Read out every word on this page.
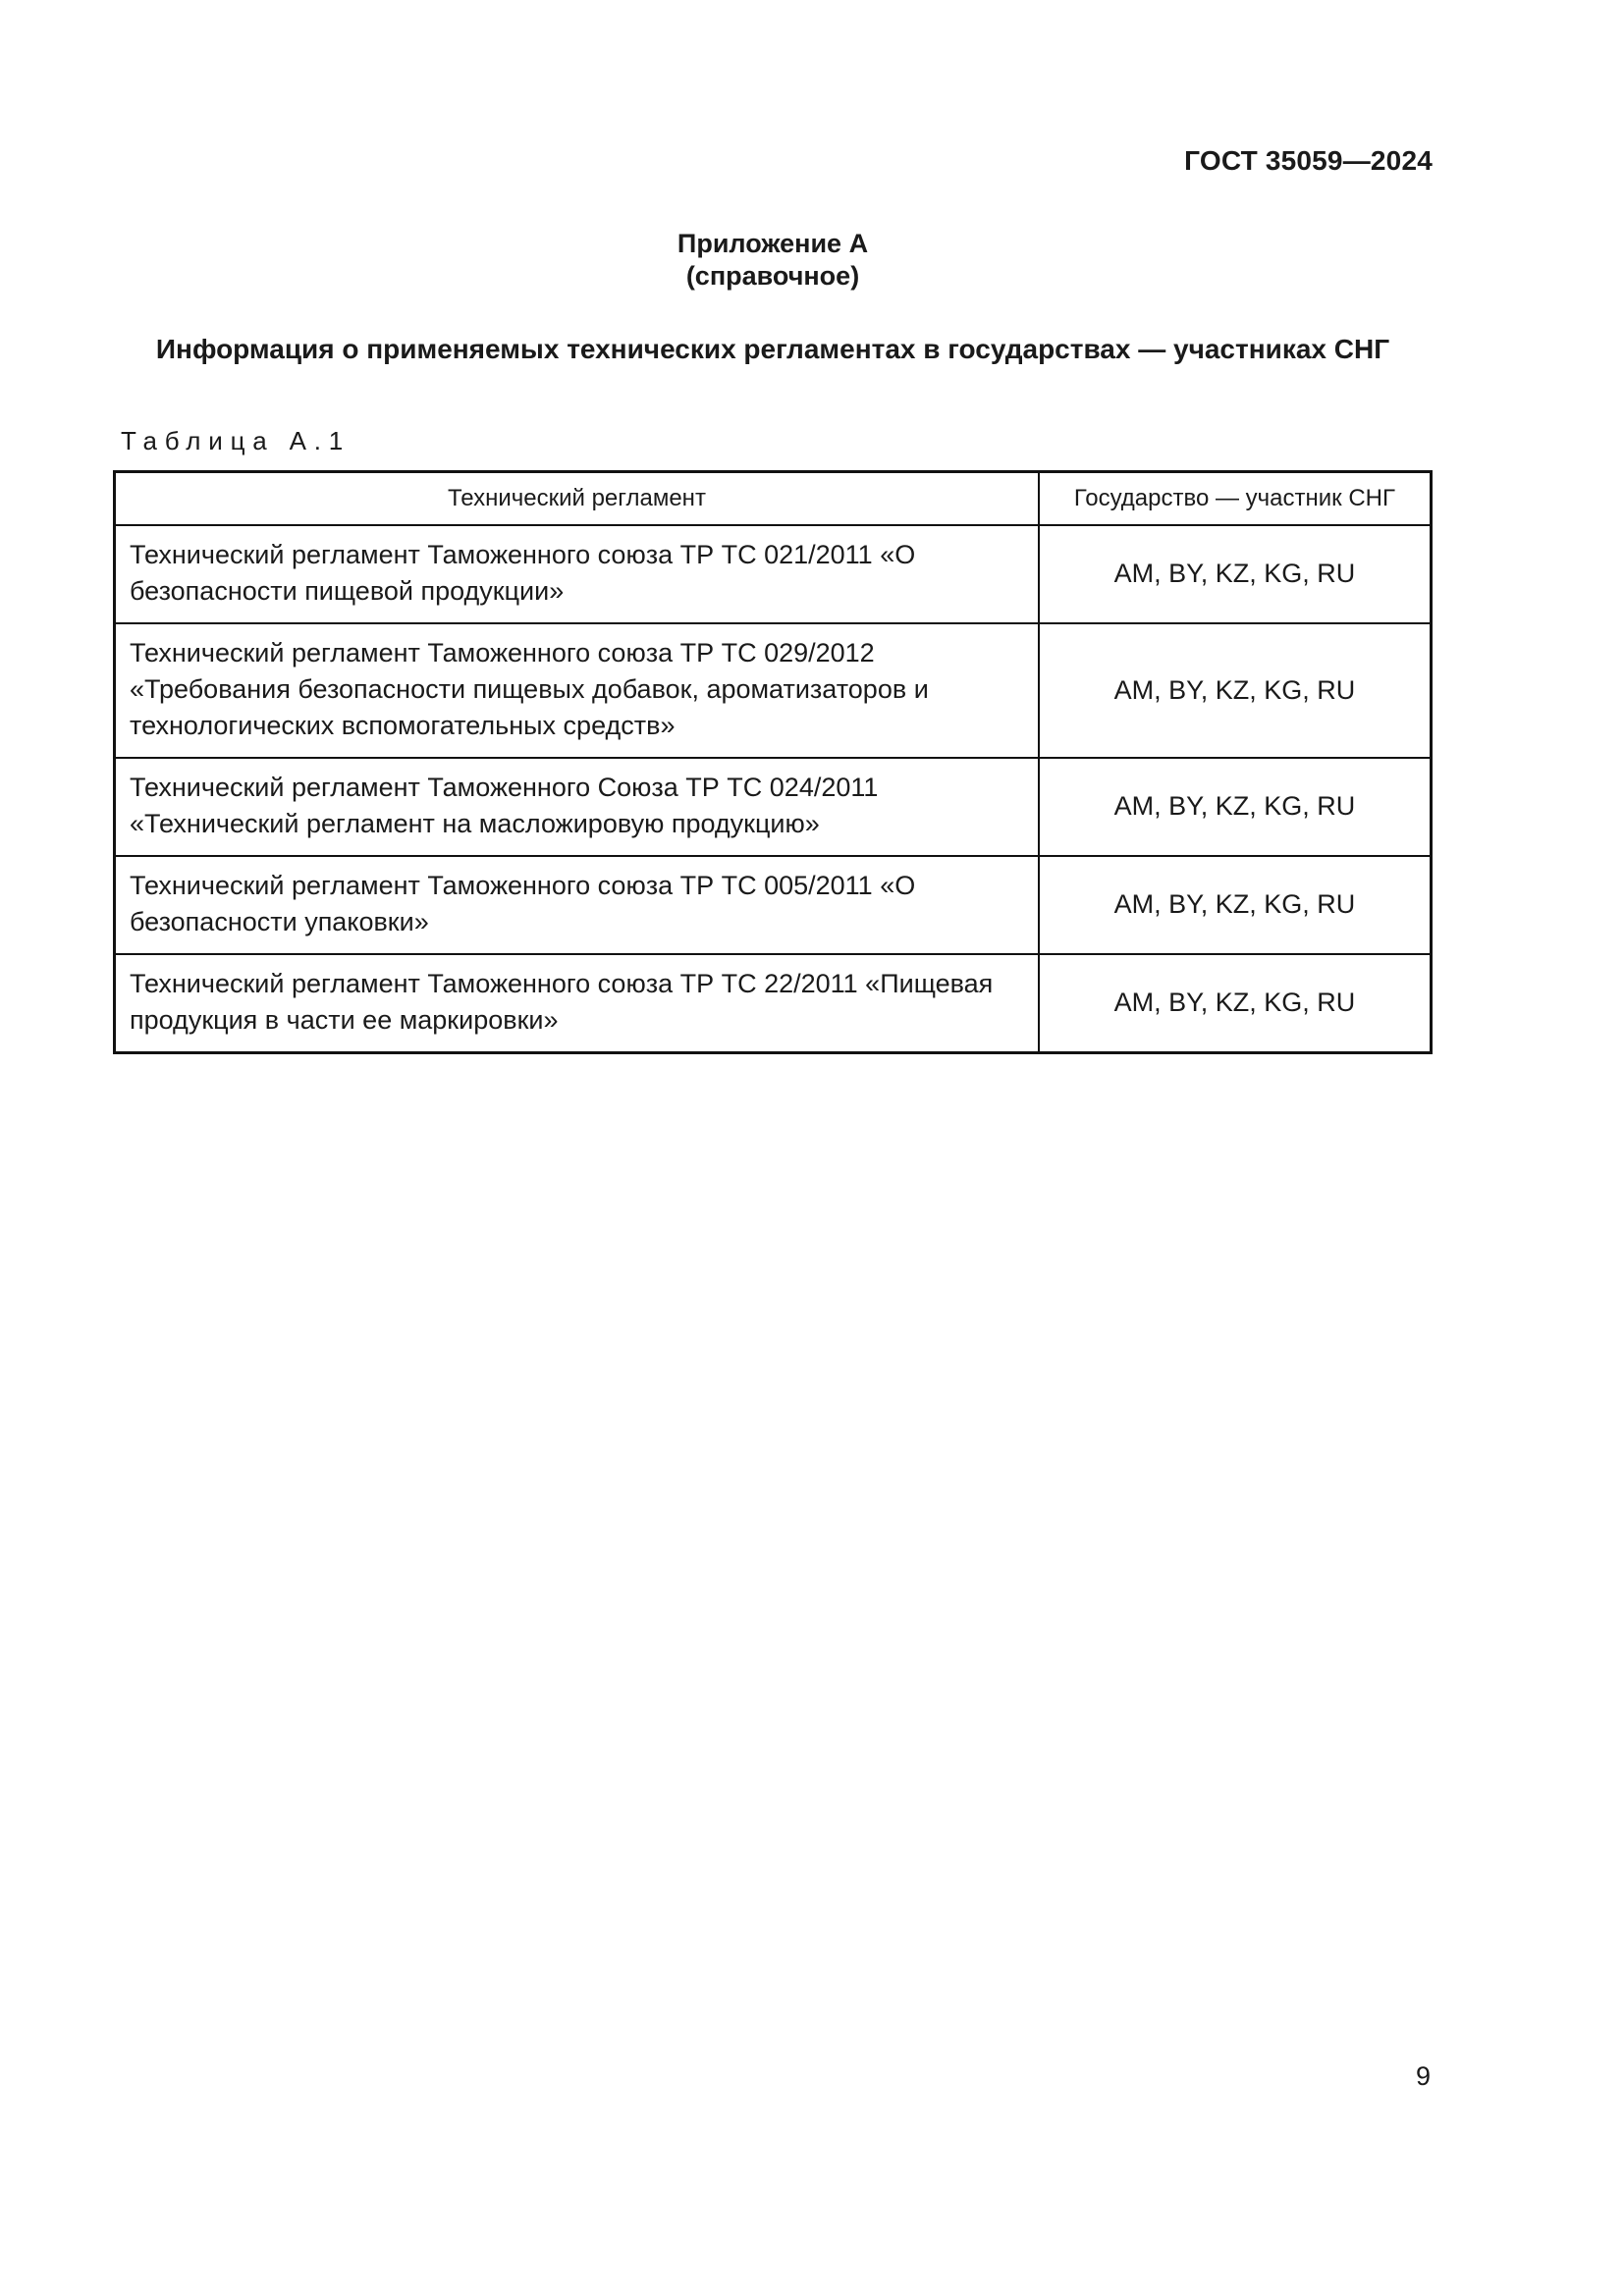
ГОСТ 35059—2024
Приложение А
(справочное)
Информация о применяемых технических регламентах в государствах — участниках СНГ
Таблица А.1
Технический регламент	Государство — участник СНГ
Технический регламент Таможенного союза ТР ТС 021/2011 «О безопасности пищевой продукции»	AM, BY, KZ, KG, RU
Технический регламент Таможенного союза ТР ТС 029/2012 «Требования безопасности пищевых добавок, ароматизаторов и технологических вспомогательных средств»	AM, BY, KZ, KG, RU
Технический регламент Таможенного Союза ТР ТС 024/2011 «Технический регламент на масложировую продукцию»	AM, BY, KZ, KG, RU
Технический регламент Таможенного союза ТР ТС 005/2011 «О безопасности упаковки»	AM, BY, KZ, KG, RU
Технический регламент Таможенного союза ТР ТС 22/2011 «Пищевая продукция в части ее маркировки»	AM, BY, KZ, KG, RU
9
